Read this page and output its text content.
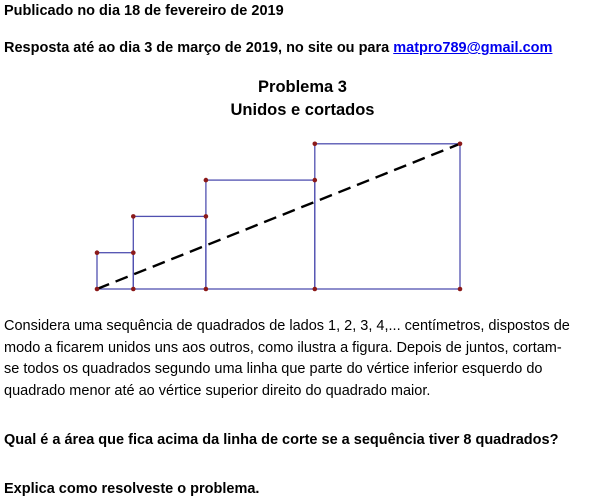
Publicado no dia 18 de fevereiro de 2019
Resposta até ao dia 3 de março de 2019, no site ou para matpro789@gmail.com
Problema 3
Unidos e cortados
Considera uma sequência de quadrados de lados 1, 2, 3, 4,... centímetros, dispostos de
modo a ficarem unidos uns aos outros, como ilustra a figura. Depois de juntos, cortam-
se todos os quadrados segundo uma linha que parte do vértice inferior esquerdo do
quadrado menor até ao vértice superior direito do quadrado maior.
Qual é a área que fica acima da linha de corte se a sequência tiver 8 quadrados?
Explica como resolveste o problema.
